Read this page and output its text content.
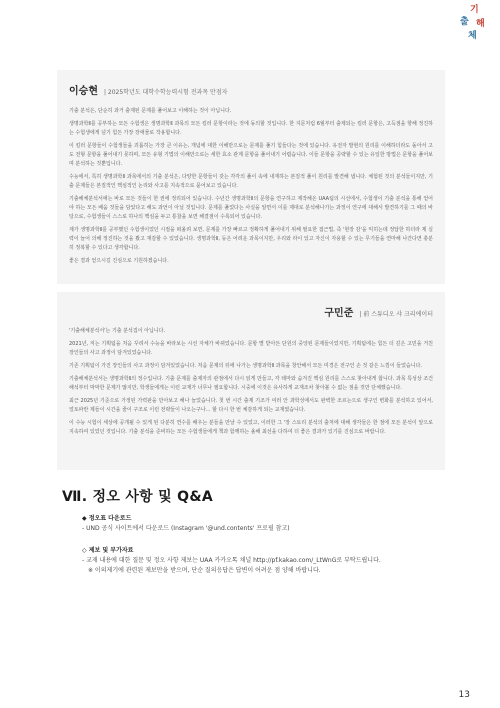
기
출 해
체
이승현 | 2025학년도 대학수학능력시험 전과목 만점자

기출 분석은, 단순히 과거 출제된 문제를 풀어보고 이해하는 것이 아닙니다.

생명과학Ⅱ를 공부하는 모든 수험생은 생명과학Ⅱ 과목의 모든 킬러 문항이라는 것에 동의할 것입니다. 한 지문처럼 6월부터 출제되는 킬러 문항은, 고득점을 향해 정진하는 수험생에게 넘기 힘든 가장 장애물로 작용합니다.

이 킬러 문항들이 수험생들을 괴롭히는 가장 큰 이유는, 개념에 대한 이해만으로는 문제를 풀기 힘들다는 것에 있습니다. 유전자 발현의 원리를 이해하더라도 돌아서 고도 전형 문항을 풀어내기 못하며, 모든 유형 기법의 이해만으로는 세한 효소 관계 문항을 풀어내기 어렵습니다. 이들 문항을 공략할 수 있는 유일한 방법은 문항을 풀어보며 분석하는 것뿐입니다.

수능에서, 특히 생명과학Ⅱ 과목에서의 기출 분석은, 다양한 문항들이 갖는 각각의 풀이 속에 내재하는 본질적 풀이 원리를 발견해 냅니다. 체험된 것의 분석들이지만, 기출 문제들은 본질적인 핵심적인 논리와 사고를 지속적으로 묻어보고 있습니다.

기출해체분석서에는 바로 모든 것들이 한 권에 정리되어 있습니다. 수년간 생명과학Ⅱ의 문항을 연구하고 제작해온 UAA팀의 시선에서, 수험생이 기출 분석을 통해 얻어야 하는 모든 배움 것들을 담았다고 해도 과언이 아닐 것입니다. 문제를 풀었다는 사실을 알면서 이를 제대로 분석해나가는 과정이 연구에 대해서 발견하기를 그 때의 바탕으로, 수험생들이 스스로 하나의 핵심을 두고 통찰을 보면 해결점이 수록되어 있습니다.

제가 생명과학Ⅱ를 공부했던 수험생이었던 시절을 떠올려 보면, 문제를 가장 빠르고 정확하게 풀어내기 위해 필요한 접근법, 즉 '현장 감'을 익히는데 정답한 하더라 제 실력이 늘어 의해 정진하는 것을 봤고 재감할 수 있었습니다. 생명과학Ⅱ, 등은 어려운 과목이지만, 우리와 라이 있고 자신이 자용할 수 있는 무기들을 연마해 나간다면 충분히 정복할 수 있다고 생각합니다.

좋은 결과 얻으시길 진심으로 기원하겠습니다.

구민준 | 前 스튜디오 샤 크리에이터

'기출해체분석서'는 기출 분석집이 아닙니다.

2021년, 저는 기획팀을 처음 꾸려서 수능을 바라보는 시선 자체가 바뀌었습니다. 문항 별 받아든 단원의 중앙된 문제들이었지만, 기획팀에는 힘든 더 깊은 고민을 거친 장인들의 사고 과정이 담겨있었습니다.

기존 기획팀이 가진 장인들의 사고 과정이 담겨있었습니다. 처음 문제의 뒤에 나가는 생명과학Ⅱ 과목을 창안해서 모든 미경은 전구인 손 것 같은 느낌이 들었습니다.

기출해체분석서는 생명과학Ⅱ의 정수입니다. 기출 문제를 출제자의 관점에서 다시 읽게 만들고, 각 테마와 숨겨진 핵심 원리를 스스로 찾아내게 합니다. 과목 특성상 조건 해석부터 막막한 문제가 많지만, 학생들에게는 이런 교재가 너무나 필요합니다. 시중에 이것은 유사하게 교재조차 찾아볼 수 없는 점을 것만 단체했습니다.

최근 2025년 기준으로 가정된 가력판을 만아보고 해나 늘었습니다. 첫 번 시간 출제 기조가 여러 안 과학성에서도 완벽한 조르는으로 생구인 변화를 분석하고 있어서, 얼토파란 제들이 시간을 줄이 구조로 이런 전략들이 나오는구나... 할 다시 한 번 체감하게 되는 교재였습니다.

이 수능 시험이 세상에 공개될 수 있게 된 다분히 연수를 배우는 분들을 만날 수 있었고, 이러한 그 '장 스토리 분석의 출처에 대해 생각들은 한 점에 모든 분석이 앞으로 지속하여 있었던 것입니다. 기출 분석을 준비하는 모든 수험생들에게 책과 함께하는 올해 최선을 다하여 더 좋은 결과가 있기를 진심으로 바랍니다.

Ⅶ. 정오 사항 및 Q&A
◆ 정오표 다운로드
- UND 공식 사이트에서 다운로드 (Instagram '@und.contents' 프로필 참고)
◇ 제보 및 부가자료
- 교재 내용에 대한 질문 및 정오 사항 제보는 UAA 카카오톡 채널 http://pf.kakao.com/_LtWnG로 부탁드립니다.
※ 이의제기에 관련된 제보만을 받으며, 단순 질의응답은 답변이 어려운 점 양해 바랍니다.
13
